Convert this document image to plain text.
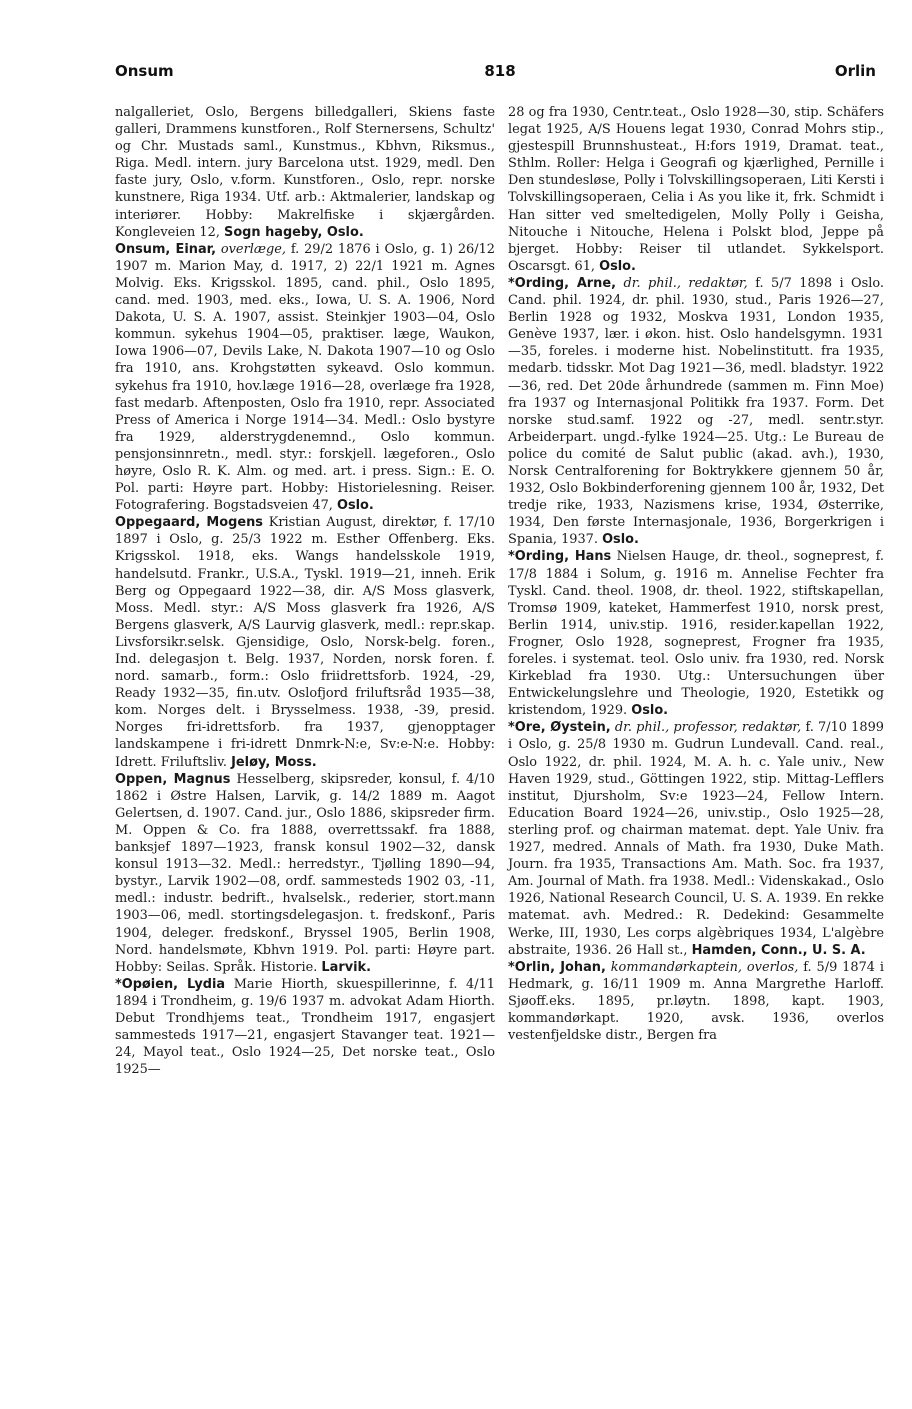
Onsum	818	Orlin

nalgalleriet, Oslo, Bergens billedgalleri, Skiens faste galleri, Drammens kunstforen., Rolf Sternersens, Schultz' og Chr. Mustads saml., Kunstmus., Kbhvn, Riksmus., Riga. Medl. intern. jury Barcelona utst. 1929, medl. Den faste jury, Oslo, v.form. Kunstforen., Oslo, repr. norske kunstnere, Riga 1934. Utf. arb.: Aktmalerier, landskap og interiører. Hobby: Makrelfiske i skjærgården. Kongleveien 12, Sogn hageby, Oslo.

Onsum, Einar, overlæge, f. 29/2 1876 i Oslo, g. 1) 26/12 1907 m. Marion May, d. 1917, 2) 22/1 1921 m. Agnes Molvig. Eks. Krigsskol. 1895, cand. phil., Oslo 1895, cand. med. 1903, med. eks., Iowa, U. S. A. 1906, Nord Dakota, U. S. A. 1907, assist. Steinkjer 1903—04, Oslo kommun. sykehus 1904—05, praktiser. læge, Waukon, Iowa 1906—07, Devils Lake, N. Dakota 1907—10 og Oslo fra 1910, ans. Krohgstøtten sykeavd. Oslo kommun. sykehus fra 1910, hov.læge 1916—28, overlæge fra 1928, fast medarb. Aftenposten, Oslo fra 1910, repr. Associated Press of America i Norge 1914—34. Medl.: Oslo bystyre fra 1929, alderstrygdenemnd., Oslo kommun. pensjonsinnretn., medl. styr.: forskjell. lægeforen., Oslo høyre, Oslo R. K. Alm. og med. art. i press. Sign.: E. O. Pol. parti: Høyre part. Hobby: Historielesning. Reiser. Fotografering. Bogstadsveien 47, Oslo.

Oppegaard, Mogens Kristian August, direktør, f. 17/10 1897 i Oslo, g. 25/3 1922 m. Esther Offenberg. Eks. Krigsskol. 1918, eks. Wangs handelsskole 1919, handelsutd. Frankr., U.S.A., Tyskl. 1919—21, inneh. Erik Berg og Oppegaard 1922—38, dir. A/S Moss glasverk, Moss. Medl. styr.: A/S Moss glasverk fra 1926, A/S Bergens glasverk, A/S Laurvig glasverk, medl.: repr.skap. Livsforsikr.selsk. Gjensidige, Oslo, Norsk-belg. foren., Ind. delegasjon t. Belg. 1937, Norden, norsk foren. f. nord. samarb., form.: Oslo friidrettsforb. 1924, -29, Ready 1932—35, fin.utv. Oslofjord friluftsråd 1935—38, kom. Norges delt. i Brysselmess. 1938, -39, presid. Norges fri-idrettsforb. fra 1937, gjenopptager landskampene i fri-idrett Dnmrk-N:e, Sv:e-N:e. Hobby: Idrett. Friluftsliv. Jeløy, Moss.

Oppen, Magnus Hesselberg, skipsreder, konsul, f. 4/10 1862 i Østre Halsen, Larvik, g. 14/2 1889 m. Aagot Gelertsen, d. 1907. Cand. jur., Oslo 1886, skipsreder firm. M. Oppen & Co. fra 1888, overrettssakf. fra 1888, banksjef 1897—1923, fransk konsul 1902—32, dansk konsul 1913—32. Medl.: herredstyr., Tjølling 1890—94, bystyr., Larvik 1902—08, ordf. sammesteds 1902 03, -11, medl.: industr. bedrift., hvalselsk., rederier, stort.mann 1903—06, medl. stortingsdelegasjon. t. fredskonf., Paris 1904, deleger. fredskonf., Bryssel 1905, Berlin 1908, Nord. handelsmøte, Kbhvn 1919. Pol. parti: Høyre part. Hobby: Seilas. Språk. Historie. Larvik.

*Opøien, Lydia Marie Hiorth, skuespillerinne, f. 4/11 1894 i Trondheim, g. 19/6 1937 m. advokat Adam Hiorth. Debut Trondhjems teat., Trondheim 1917, engasjert sammesteds 1917—21, engasjert Stavanger teat. 1921—24, Mayol teat., Oslo 1924—25, Det norske teat., Oslo 1925—

28 og fra 1930, Centr.teat., Oslo 1928—30, stip. Schäfers legat 1925, A/S Houens legat 1930, Conrad Mohrs stip., gjestespill Brunnshusteat., H:fors 1919, Dramat. teat., Sthlm. Roller: Helga i Geografi og kjærlighed, Pernille i Den stundesløse, Polly i Tolvskillingsoperaen, Liti Kersti i Tolvskillingsoperaen, Celia i As you like it, frk. Schmidt i Han sitter ved smeltedigelen, Molly Polly i Geisha, Nitouche i Nitouche, Helena i Polskt blod, Jeppe på bjerget. Hobby: Reiser til utlandet. Sykkelsport. Oscarsgt. 61, Oslo.

*Ording, Arne, dr. phil., redaktør, f. 5/7 1898 i Oslo. Cand. phil. 1924, dr. phil. 1930, stud., Paris 1926—27, Berlin 1928 og 1932, Moskva 1931, London 1935, Genève 1937, lær. i økon. hist. Oslo handelsgymn. 1931—35, foreles. i moderne hist. Nobelinstitutt. fra 1935, medarb. tidsskr. Mot Dag 1921—36, medl. bladstyr. 1922—36, red. Det 20de århundrede (sammen m. Finn Moe) fra 1937 og Internasjonal Politikk fra 1937. Form. Det norske stud.samf. 1922 og -27, medl. sentr.styr. Arbeiderpart. ungd.-fylke 1924—25. Utg.: Le Bureau de police du comité de Salut public (akad. avh.), 1930, Norsk Centralforening for Boktrykkere gjennem 50 år, 1932, Oslo Bokbinderforening gjennem 100 år, 1932, Det tredje rike, 1933, Nazismens krise, 1934, Østerrike, 1934, Den første Internasjonale, 1936, Borgerkrigen i Spania, 1937. Oslo.

*Ording, Hans Nielsen Hauge, dr. theol., sogneprest, f. 17/8 1884 i Solum, g. 1916 m. Annelise Fechter fra Tyskl. Cand. theol. 1908, dr. theol. 1922, stiftskapellan, Tromsø 1909, kateket, Hammerfest 1910, norsk prest, Berlin 1914, univ.stip. 1916, resider.kapellan 1922, Frogner, Oslo 1928, sogneprest, Frogner fra 1935, foreles. i systemat. teol. Oslo univ. fra 1930, red. Norsk Kirkeblad fra 1930. Utg.: Untersuchungen über Entwickelungslehre und Theologie, 1920, Estetikk og kristendom, 1929. Oslo.

*Ore, Øystein, dr. phil., professor, redaktør, f. 7/10 1899 i Oslo, g. 25/8 1930 m. Gudrun Lundevall. Cand. real., Oslo 1922, dr. phil. 1924, M. A. h. c. Yale univ., New Haven 1929, stud., Göttingen 1922, stip. Mittag-Lefflers institut, Djursholm, Sv:e 1923—24, Fellow Intern. Education Board 1924—26, univ.stip., Oslo 1925—28, sterling prof. og chairman matemat. dept. Yale Univ. fra 1927, medred. Annals of Math. fra 1930, Duke Math. Journ. fra 1935, Transactions Am. Math. Soc. fra 1937, Am. Journal of Math. fra 1938. Medl.: Videnskakad., Oslo 1926, National Research Council, U. S. A. 1939. En rekke matemat. avh. Medred.: R. Dedekind: Gesammelte Werke, III, 1930, Les corps algèbriques 1934, L'algèbre abstraite, 1936. 26 Hall st., Hamden, Conn., U. S. A.

*Orlin, Johan, kommandørkaptein, overlos, f. 5/9 1874 i Hedmark, g. 16/11 1909 m. Anna Margrethe Harloff. Sjøoff.eks. 1895, pr.løytn. 1898, kapt. 1903, kommandørkapt. 1920, avsk. 1936, overlos vestenfjeldske distr., Bergen fra
